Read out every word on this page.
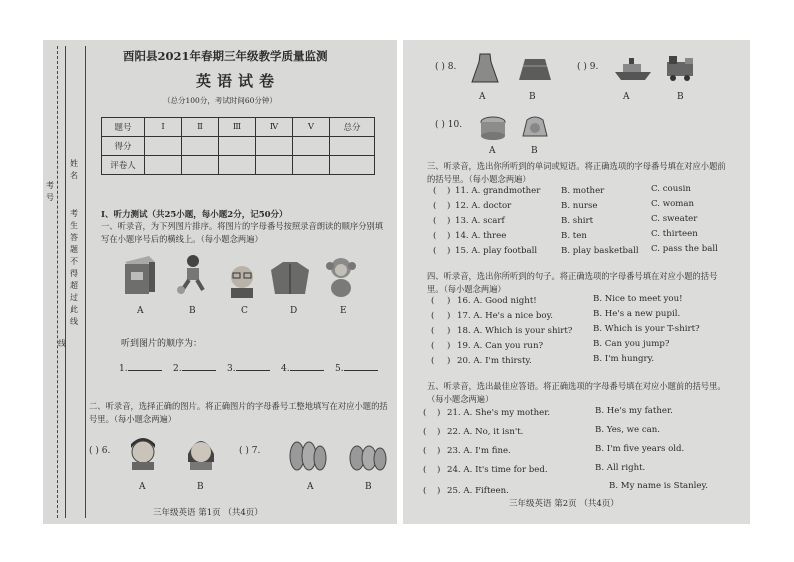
考号
姓名
考生答题不得超过此线
线
酉阳县2021年春期三年级教学质量监测
英语试卷
（总分100分，考试时间60分钟）
题号	Ⅰ	Ⅱ	Ⅲ	Ⅳ	Ⅴ	总分
得分						
评卷人						
Ⅰ、听力测试（共25小题，每小题2分，记50分）
一、听录音，为下列图片排序。将图片的字母番号按照录音朗读的顺序分别填写在小题序号后的横线上。（每小题念两遍）
A	B	C	D	E
听到图片的顺序为：
1.	2.	3.	4.	5.
二、听录音，选择正确的图片。将正确图片的字母番号工整地填写在对应小题的括号里。（每小题念两遍）
( ) 6.	( ) 7.
A	B	A	B
三年级英语 第1页 （共4页）
( ) 8.
A	B
( ) 9.
A	B
( ) 10.
A	B
三、听录音，选出你所听到的单词或短语。将正确选项的字母番号填在对应小题前的括号里。（每小题念两遍）
(	) 11. A. grandmother B. mother	C. cousin
(	) 12. A. doctor	B. nurse	C. woman
(	) 13. A. scarf	B. shirt	C. sweater
(	) 14. A. three	B. ten	C. thirteen
(	) 15. A. play football	B. play basketball C. pass the ball
四、听录音，选出你所听到的句子。将正确选项的字母番号填在对应小题的括号里。（每小题念两遍）
(	) 16. A. Good night!	B. Nice to meet you!
(	) 17. A. He's a nice boy.	B. He's a new pupil.
(	) 18. A. Which is your shirt? B. Which is your T-shirt?
(	) 19. A. Can you run?	B. Can you jump?
(	) 20. A. I'm thirsty.	B. I'm hungry.
五、听录音，选出最佳应答语。将正确选项的字母番号填在对应小题前的括号里。（每小题念两遍）
(	) 21. A. She's my mother.	B. He's my father.
(	) 22. A. No, it isn't.	B. Yes, we can.
(	) 23. A. I'm fine.	B. I'm five years old.
(	) 24. A. It's time for bed.	B. All right.
(	) 25. A. Fifteen.	B. My name is Stanley.
三年级英语 第2页 （共4页）
